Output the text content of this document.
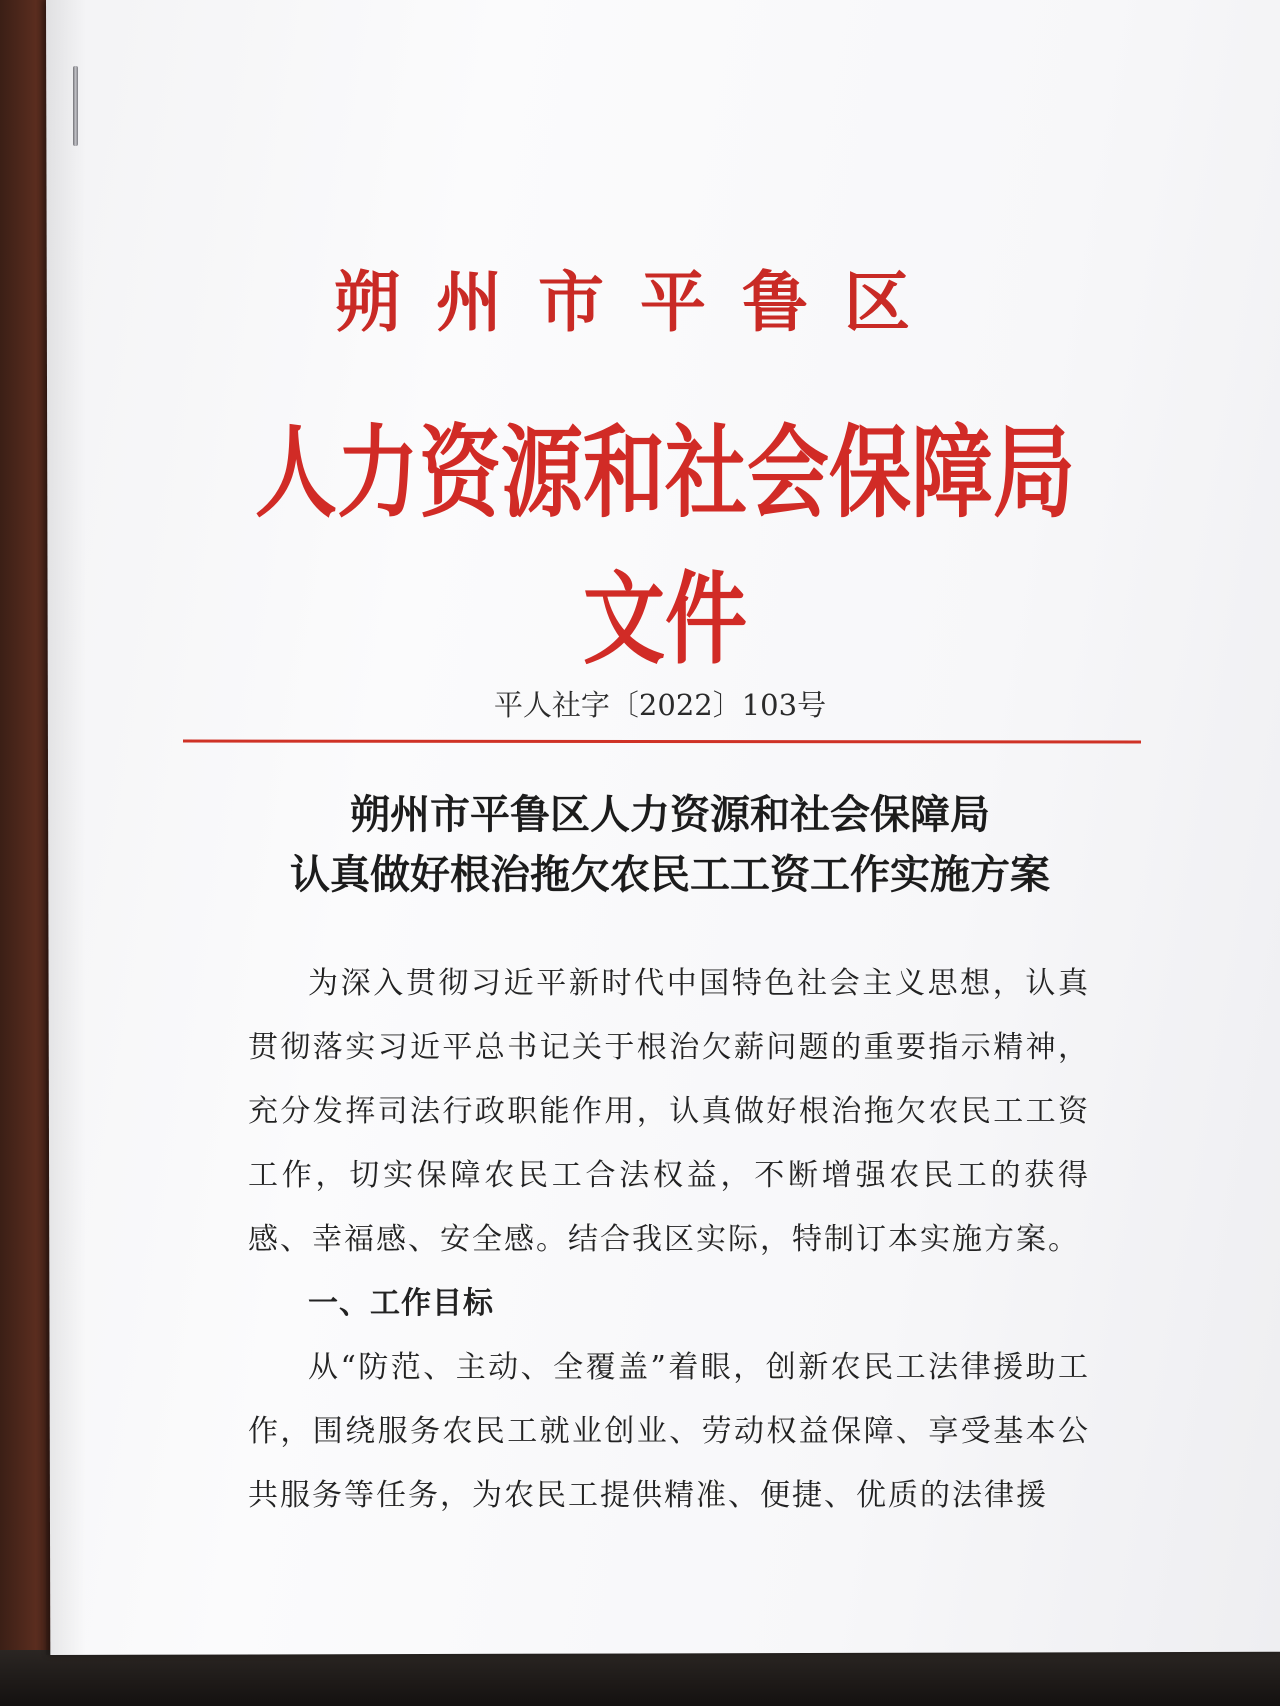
朔州市平鲁区
人力资源和社会保障局文件
平人社字〔2022〕103号
朔州市平鲁区人力资源和社会保障局
认真做好根治拖欠农民工工资工作实施方案

为深入贯彻习近平新时代中国特色社会主义思想，认真贯彻落实习近平总书记关于根治欠薪问题的重要指示精神，充分发挥司法行政职能作用，认真做好根治拖欠农民工工资工作，切实保障农民工合法权益，不断增强农民工的获得感、幸福感、安全感。结合我区实际，特制订本实施方案。

一、工作目标

从“防范、主动、全覆盖”着眼，创新农民工法律援助工作，围绕服务农民工就业创业、劳动权益保障、享受基本公共服务等任务，为农民工提供精准、便捷、优质的法律援
